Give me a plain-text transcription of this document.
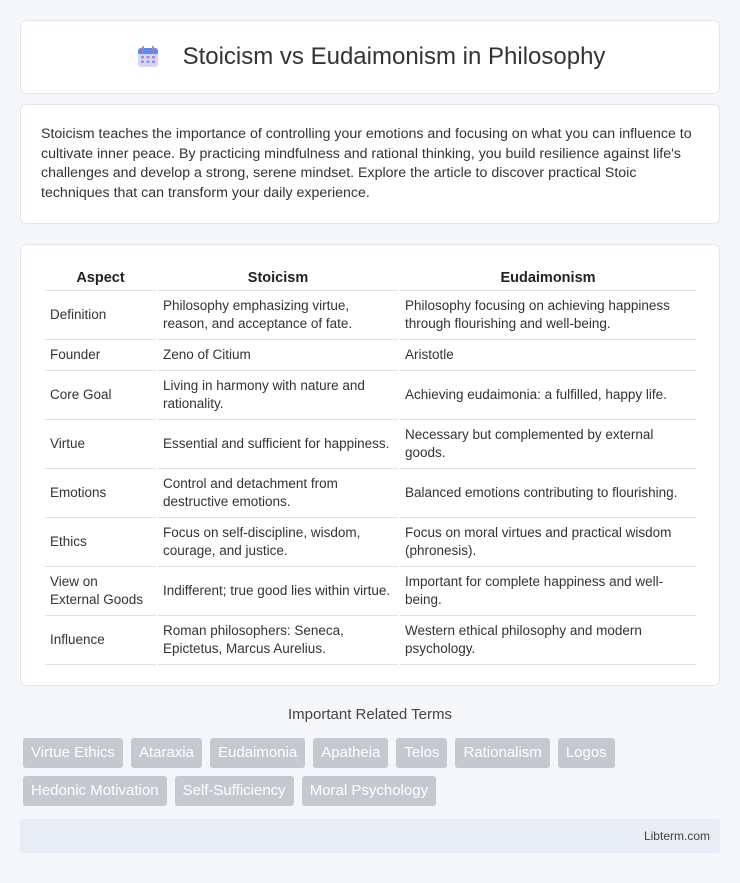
Stoicism vs Eudaimonism in Philosophy

Stoicism teaches the importance of controlling your emotions and focusing on what you can influence to cultivate inner peace. By practicing mindfulness and rational thinking, you build resilience against life's challenges and develop a strong, serene mindset. Explore the article to discover practical Stoic techniques that can transform your daily experience.

Aspect	Stoicism	Eudaimonism
Definition	Philosophy emphasizing virtue, reason, and acceptance of fate.	Philosophy focusing on achieving happiness through flourishing and well-being.
Founder	Zeno of Citium	Aristotle
Core Goal	Living in harmony with nature and rationality.	Achieving eudaimonia: a fulfilled, happy life.
Virtue	Essential and sufficient for happiness.	Necessary but complemented by external goods.
Emotions	Control and detachment from destructive emotions.	Balanced emotions contributing to flourishing.
Ethics	Focus on self-discipline, wisdom, courage, and justice.	Focus on moral virtues and practical wisdom (phronesis).
View on External Goods	Indifferent; true good lies within virtue.	Important for complete happiness and well-being.
Influence	Roman philosophers: Seneca, Epictetus, Marcus Aurelius.	Western ethical philosophy and modern psychology.
Important Related Terms
Virtue Ethics	Ataraxia	Eudaimonia	Apatheia	Telos	Rationalism	Logos
Hedonic Motivation	Self-Sufficiency	Moral Psychology
Libterm.com
